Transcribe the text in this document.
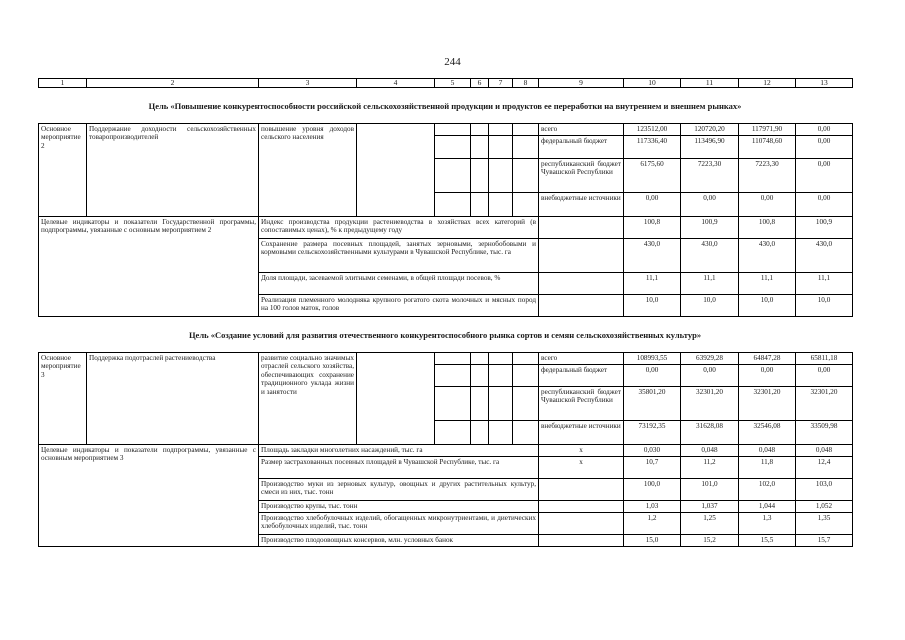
244
1	2	3	4	5	6	7	8	9	10	11	12	13
Цель «Повышение конкурентоспособности российской сельскохозяйственной продукции и продуктов ее переработки на внутреннем и внешнем рынках»
Основное мероприятие 2	Поддержание доходности сельскохозяйственных товаропроизводителей	повышение уровня доходов сельского населения						всего	123512,00	120720,20	117971,90	0,00
								федеральный бюджет	117336,40	113496,90	110748,60	0,00
								республиканский бюджет Чувашской Республики	6175,60	7223,30	7223,30	0,00
								внебюджетные источники	0,00	0,00	0,00	0,00
Целевые индикаторы и показатели Государственной программы, подпрограммы, увязанные с основным мероприятием 2		Индекс производства продукции растениеводства в хозяйствах всех категорий (в сопоставимых ценах), % к предыдущему году							100,8	100,9	100,8	100,9
		Сохранение размера посевных площадей, занятых зерновыми, зернобобовыми и кормовыми сельскохозяйственными культурами в Чувашской Республике, тыс. га							430,0	430,0	430,0	430,0
		Доля площади, засеваемой элитными семенами, в общей площади посевов, %							11,1	11,1	11,1	11,1
		Реализация племенного молодняка крупного рогатого скота молочных и мясных пород на 100 голов маток, голов							10,0	10,0	10,0	10,0
Цель «Создание условий для развития отечественного конкурентоспособного рынка сортов и семян сельскохозяйственных культур»
Основное мероприятие 3	Поддержка подотраслей растениеводства	развитие социально значимых отраслей сельского хозяйства, обеспечивающих сохранение традиционного уклада жизни и занятости						всего	108993,55	63929,28	64847,28	65811,18
								федеральный бюджет	0,00	0,00	0,00	0,00
								республиканский бюджет Чувашской Республики	35801,20	32301,20	32301,20	32301,20
								внебюджетные источники	73192,35	31628,08	32546,08	33509,98
Целевые индикаторы и показатели подпрограммы, увязанные с основным мероприятием 3		Площадь закладки многолетних насаждений, тыс. га						х	0,030	0,048	0,048	0,048
		Размер застрахованных посевных площадей в Чувашской Республике, тыс. га						х	10,7	11,2	11,8	12,4
		Производство муки из зерновых культур, овощных и других растительных культур, смеси из них, тыс. тонн							100,0	101,0	102,0	103,0
		Производство крупы, тыс. тонн							1,03	1,037	1,044	1,052
		Производство хлебобулочных изделий, обогащенных микронутриентами, и диетических хлебобулочных изделий, тыс. тонн							1,2	1,25	1,3	1,35
		Производство плодоовощных консервов, млн. условных банок							15,0	15,2	15,5	15,7
